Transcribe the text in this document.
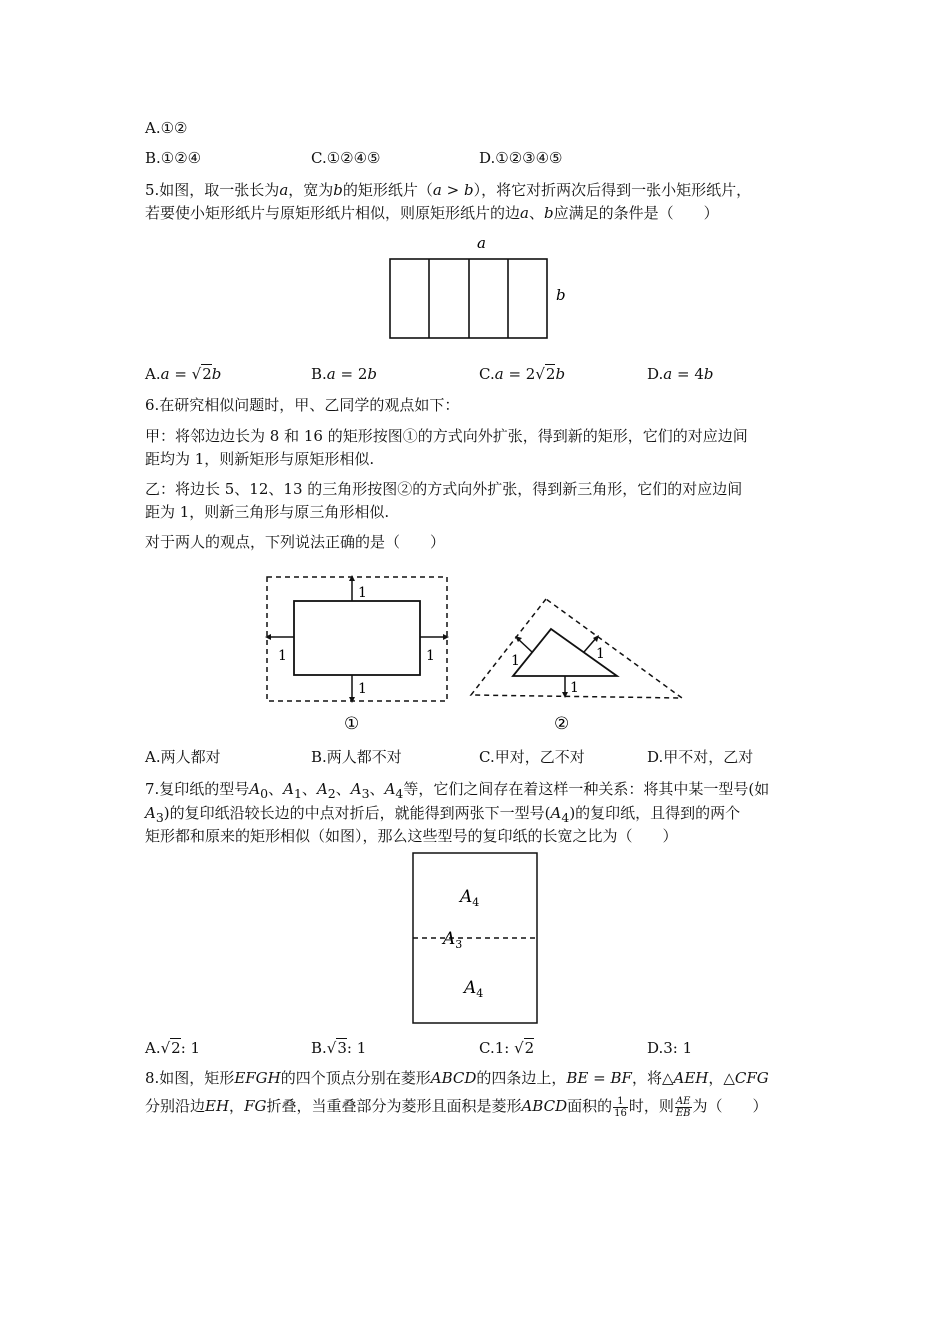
A.①②
B.①②④	C.①②④⑤	D.①②③④⑤
5.如图，取一张长为a，宽为b的矩形纸片（a > b），将它对折两次后得到一张小矩形纸片，
若要使小矩形纸片与原矩形纸片相似，则原矩形纸片的边a、b应满足的条件是（　　）
a
b
A.a = √2b	B.a = 2b	C.a = 2√2b	D.a = 4b
6.在研究相似问题时，甲、乙同学的观点如下：
甲：将邻边边长为 8 和 16 的矩形按图①的方式向外扩张，得到新的矩形，它们的对应边间
距均为 1，则新矩形与原矩形相似.
乙：将边长 5、12、13 的三角形按图②的方式向外扩张，得到新三角形，它们的对应边间
距为 1，则新三角形与原三角形相似.
对于两人的观点，下列说法正确的是（　　）
1
1	1
1
1	1
1
①	②
A.两人都对	B.两人都不对	C.甲对，乙不对	D.甲不对，乙对
7.复印纸的型号$A_0$、$A_1$、$A_2$、$A_3$、$A_4$等，它们之间存在着这样一种关系：将其中某一型号(如
$A_3$)的复印纸沿较长边的中点对折后，就能得到两张下一型号$(A_4)$的复印纸，且得到的两个
矩形都和原来的矩形相似（如图），那么这些型号的复印纸的长宽之比为（　　）
$A_4$
$A_3$
$A_4$
A.√2: 1	B.√3: 1	C.1: √2	D.3: 1
8.如图，矩形EFGH的四个顶点分别在菱形ABCD的四条边上，BE = BF，将△AEH，△CFG
分别沿边EH，FG折叠，当重叠部分为菱形且面积是菱形ABCD面积的 $\frac{1}{16}$ 时，则 $\frac{AE}{EB}$ 为（　　）
